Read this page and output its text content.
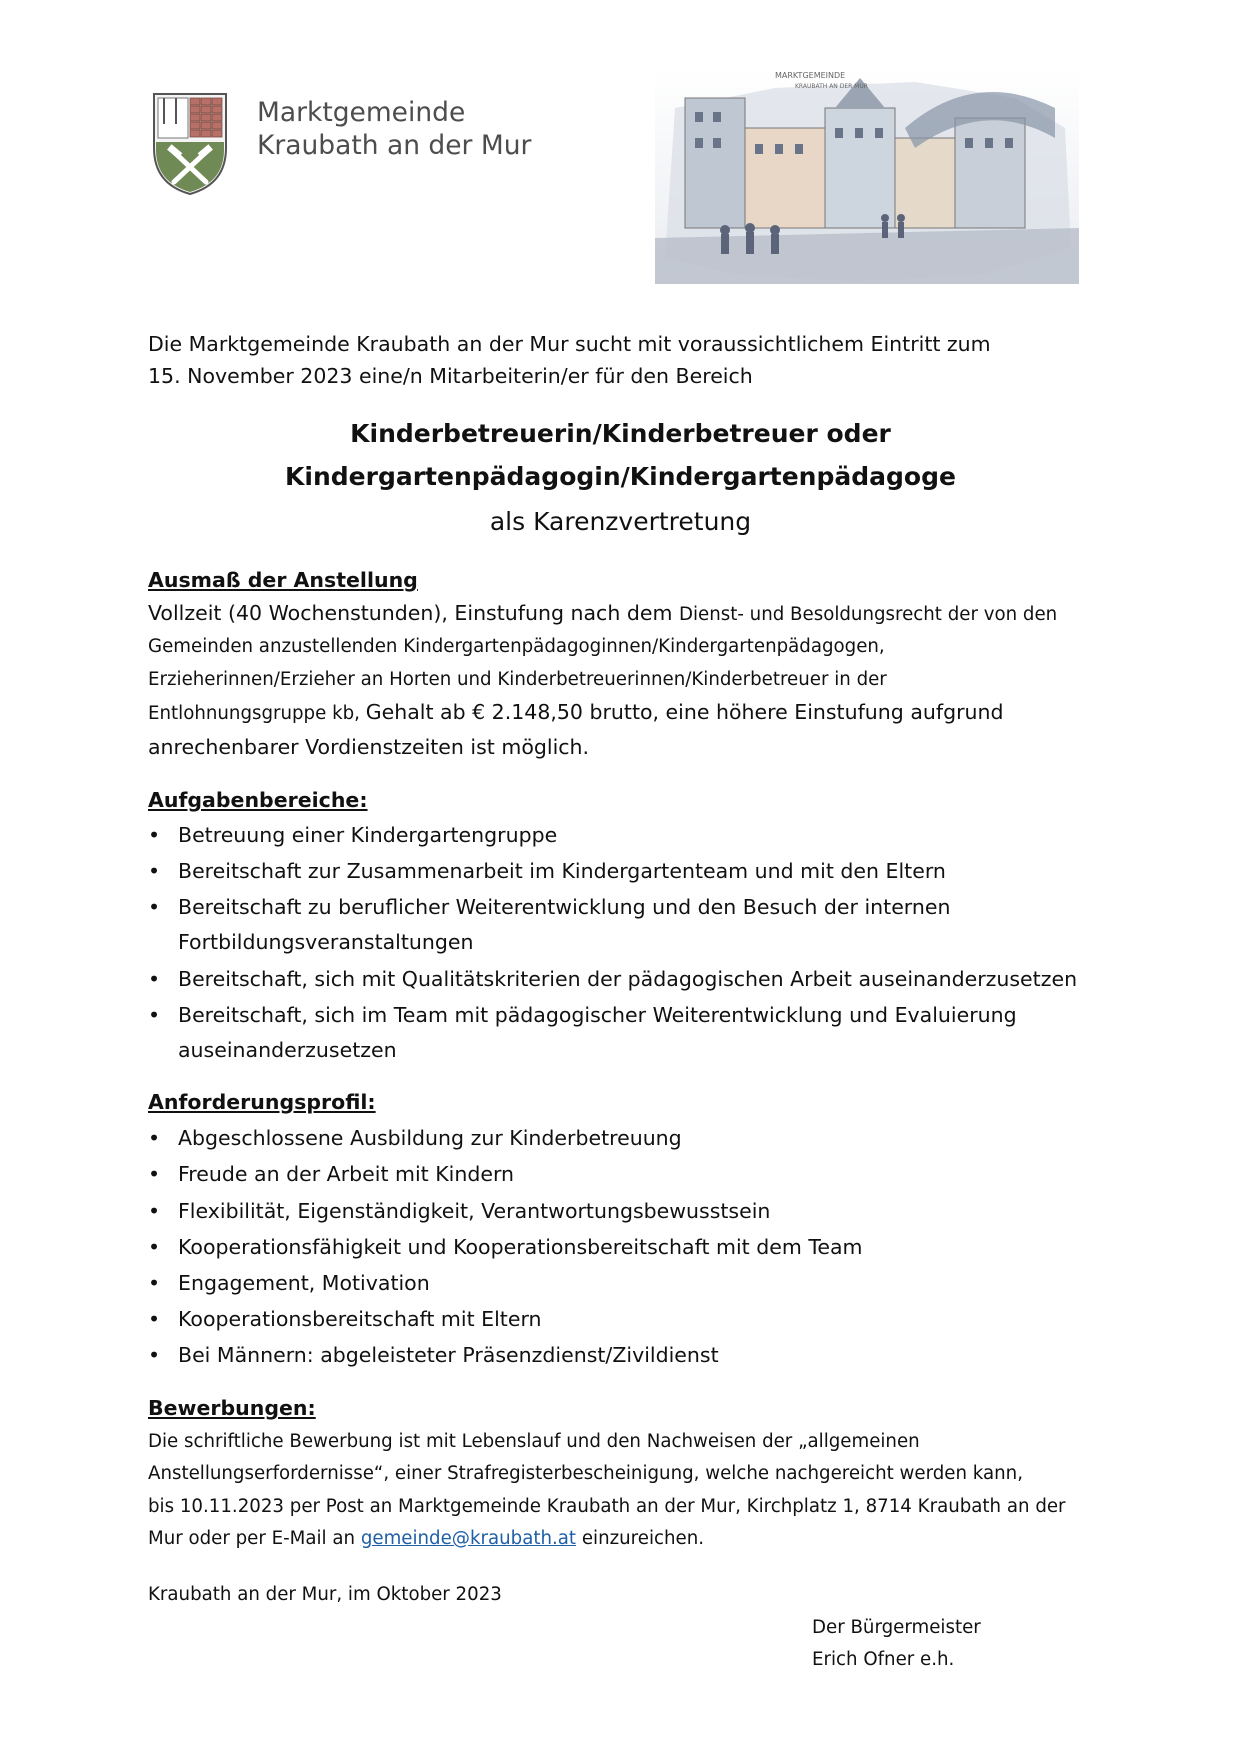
Marktgemeinde
Kraubath an der Mur
MARKTGEMEINDE
KRAUBATH AN DER MUR
Die Marktgemeinde Kraubath an der Mur sucht mit voraussichtlichem Eintritt zum
15. November 2023 eine/n Mitarbeiterin/er für den Bereich
Kinderbetreuerin/Kinderbetreuer oder
Kindergartenpädagogin/Kindergartenpädagoge
als Karenzvertretung
Ausmaß der Anstellung
Vollzeit (40 Wochenstunden), Einstufung nach dem Dienst- und Besoldungsrecht der von den
Gemeinden anzustellenden Kindergartenpädagoginnen/Kindergartenpädagogen,
Erzieherinnen/Erzieher an Horten und Kinderbetreuerinnen/Kinderbetreuer in der
Entlohnungsgruppe kb, Gehalt ab € 2.148,50 brutto, eine höhere Einstufung aufgrund
anrechenbarer Vordienstzeiten ist möglich.
Aufgabenbereiche:
• Betreuung einer Kindergartengruppe
• Bereitschaft zur Zusammenarbeit im Kindergartenteam und mit den Eltern
• Bereitschaft zu beruflicher Weiterentwicklung und den Besuch der internen
Fortbildungsveranstaltungen
• Bereitschaft, sich mit Qualitätskriterien der pädagogischen Arbeit auseinanderzusetzen
• Bereitschaft, sich im Team mit pädagogischer Weiterentwicklung und Evaluierung
auseinanderzusetzen
Anforderungsprofil:
• Abgeschlossene Ausbildung zur Kinderbetreuung
• Freude an der Arbeit mit Kindern
• Flexibilität, Eigenständigkeit, Verantwortungsbewusstsein
• Kooperationsfähigkeit und Kooperationsbereitschaft mit dem Team
• Engagement, Motivation
• Kooperationsbereitschaft mit Eltern
• Bei Männern: abgeleisteter Präsenzdienst/Zivildienst
Bewerbungen:
Die schriftliche Bewerbung ist mit Lebenslauf und den Nachweisen der „allgemeinen
Anstellungserfordernisse“, einer Strafregisterbescheinigung, welche nachgereicht werden kann,
bis 10.11.2023 per Post an Marktgemeinde Kraubath an der Mur, Kirchplatz 1, 8714 Kraubath an der
Mur oder per E-Mail an gemeinde@kraubath.at einzureichen.
Kraubath an der Mur, im Oktober 2023
Der Bürgermeister
Erich Ofner e.h.
